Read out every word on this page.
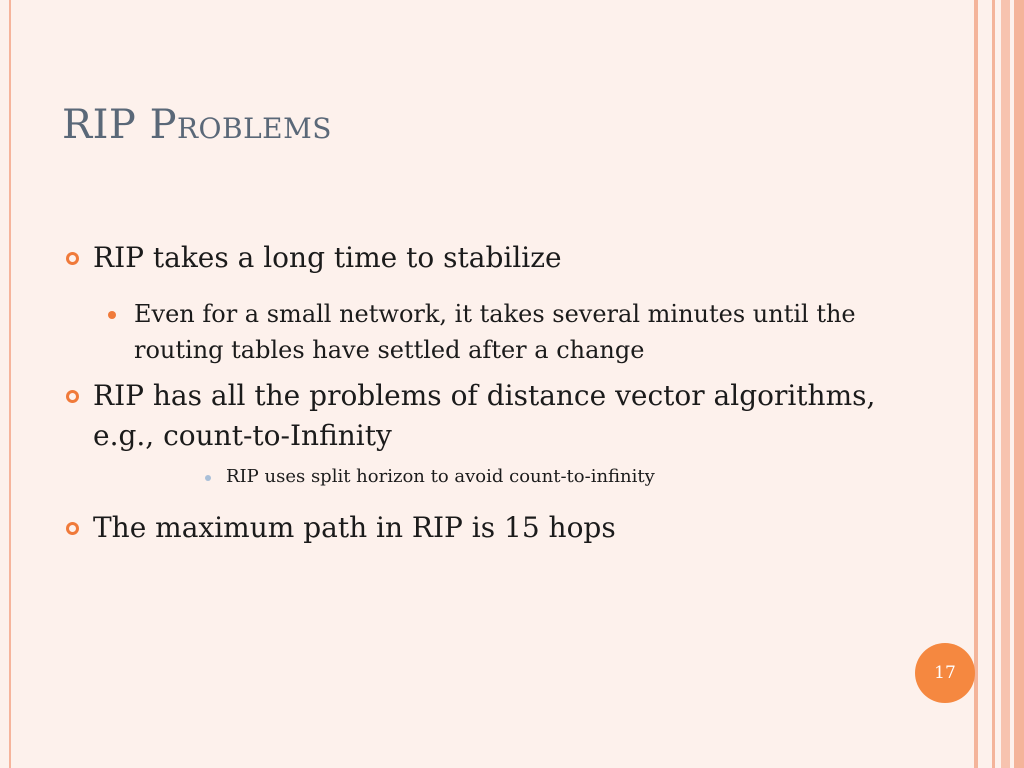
RIP Problems
RIP takes a long time to stabilize
Even for a small network, it takes several minutes until the routing tables have settled after a change
RIP has all the problems of distance vector algorithms, e.g., count-to-Infinity
RIP uses split horizon to avoid count-to-infinity
The maximum path in RIP is 15 hops
17
